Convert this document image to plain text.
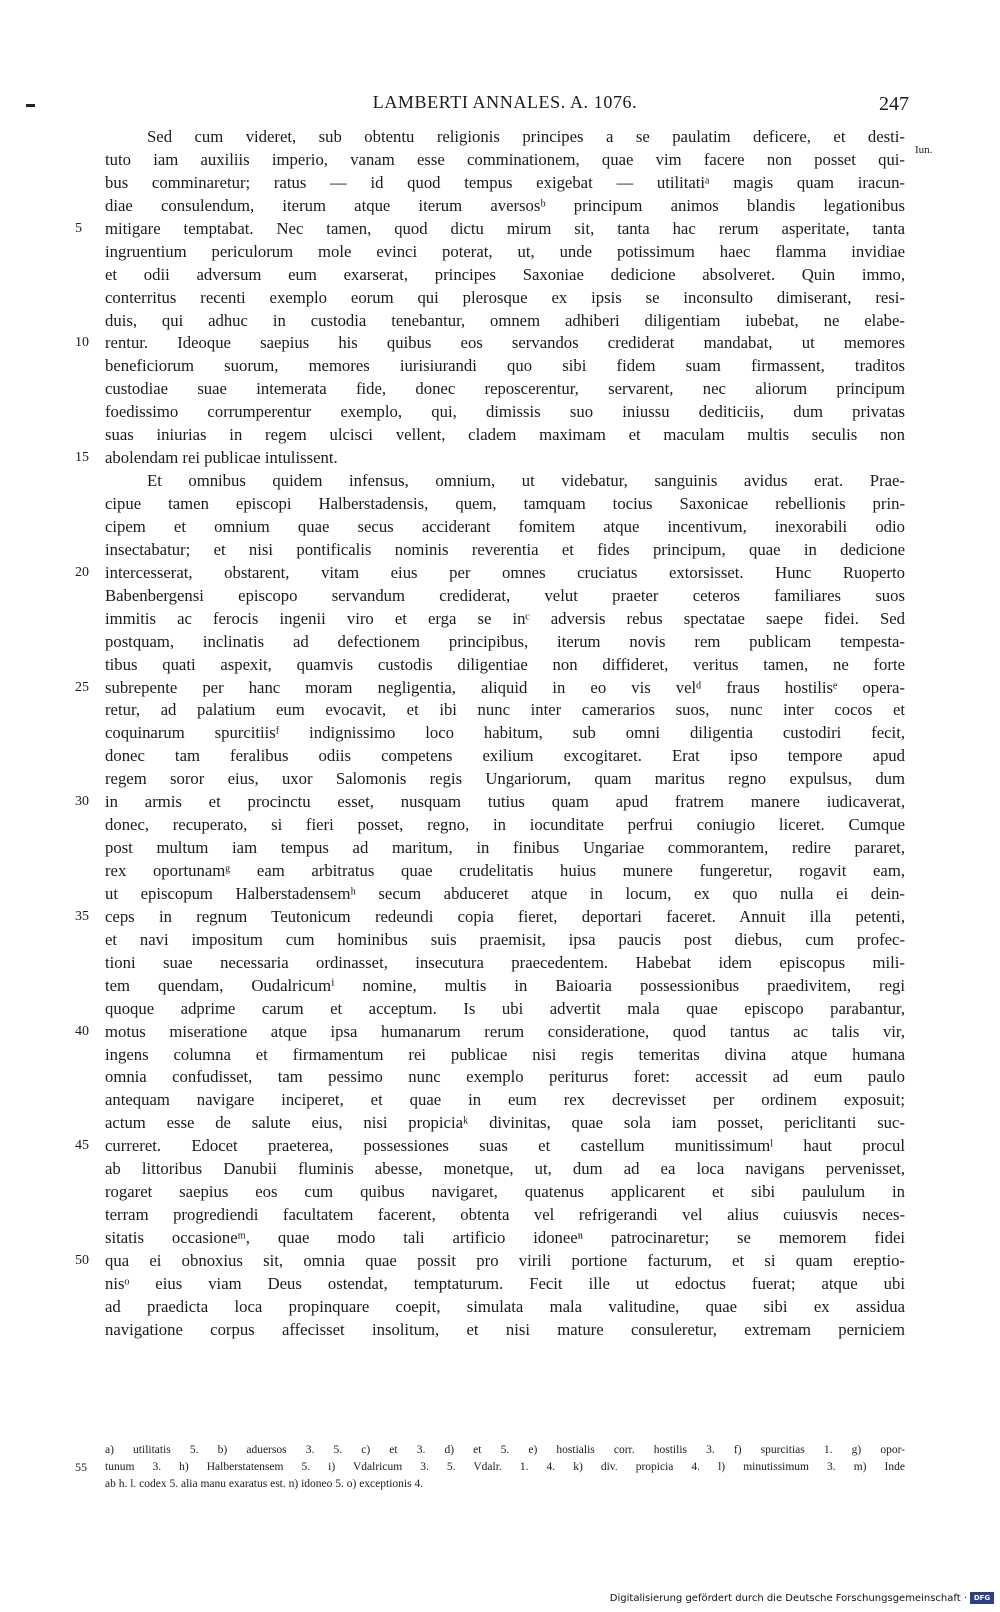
LAMBERTI ANNALES. A. 1076.	247
Iun.
Sed cum videret, sub obtentu religionis principes a se paulatim deficere, et desti-
tuto iam auxiliis imperio, vanam esse comminationem, quae vim facere non posset qui-
bus comminaretur; ratus — id quod tempus exigebat — utilitatiᵃ magis quam iracun-
diae consulendum, iterum atque iterum aversosᵇ principum animos blandis legationibus
mitigare temptabat. Nec tamen, quod dictu mirum sit, tanta hac rerum asperitate, tanta
5
ingruentium periculorum mole evinci poterat, ut, unde potissimum haec flamma invidiae
et odii adversum eum exarserat, principes Saxoniae dedicione absolveret. Quin immo,
conterritus recenti exemplo eorum qui plerosque ex ipsis se inconsulto dimiserant, resi-
duis, qui adhuc in custodia tenebantur, omnem adhiberi diligentiam iubebat, ne elabe-
rentur. Ideoque saepius his quibus eos servandos crediderat mandabat, ut memores
10
beneficiorum suorum, memores iurisiurandi quo sibi fidem suam firmassent, traditos
custodiae suae intemerata fide, donec reposcerentur, servarent, nec aliorum principum
foedissimo corrumperentur exemplo, qui, dimissis suo iniussu dediticiis, dum privatas
suas iniurias in regem ulcisci vellent, cladem maximam et maculam multis seculis non
abolendam rei publicae intulissent.
15
Et omnibus quidem infensus, omnium, ut videbatur, sanguinis avidus erat. Prae-
cipue tamen episcopi Halberstadensis, quem, tamquam tocius Saxonicae rebellionis prin-
cipem et omnium quae secus acciderant fomitem atque incentivum, inexorabili odio
insectabatur; et nisi pontificalis nominis reverentia et fides principum, quae in dedicione
intercesserat, obstarent, vitam eius per omnes cruciatus extorsisset. Hunc Ruoperto
20
Babenbergensi episcopo servandum crediderat, velut praeter ceteros familiares suos
immitis ac ferocis ingenii viro et erga se inᶜ adversis rebus spectatae saepe fidei. Sed
postquam, inclinatis ad defectionem principibus, iterum novis rem publicam tempesta-
tibus quati aspexit, quamvis custodis diligentiae non diffideret, veritus tamen, ne forte
subrepente per hanc moram negligentia, aliquid in eo vis velᵈ fraus hostilisᵉ opera-
25
retur, ad palatium eum evocavit, et ibi nunc inter camerarios suos, nunc inter cocos et
coquinarum spurcitiisᶠ indignissimo loco habitum, sub omni diligentia custodiri fecit,
donec tam feralibus odiis competens exilium excogitaret. Erat ipso tempore apud
regem soror eius, uxor Salomonis regis Ungariorum, quam maritus regno expulsus, dum
in armis et procinctu esset, nusquam tutius quam apud fratrem manere iudicaverat,
30
donec, recuperato, si fieri posset, regno, in iocunditate perfrui coniugio liceret. Cumque
post multum iam tempus ad maritum, in finibus Ungariae commorantem, redire pararet,
rex oportunamᵍ eam arbitratus quae crudelitatis huius munere fungeretur, rogavit eam,
ut episcopum Halberstadensemʰ secum abduceret atque in locum, ex quo nulla ei dein-
ceps in regnum Teutonicum redeundi copia fieret, deportari faceret. Annuit illa petenti,
35
et navi impositum cum hominibus suis praemisit, ipsa paucis post diebus, cum profec-
tioni suae necessaria ordinasset, insecutura praecedentem. Habebat idem episcopus mili-
tem quendam, Oudalricumⁱ nomine, multis in Baioaria possessionibus praedivitem, regi
quoque adprime carum et acceptum. Is ubi advertit mala quae episcopo parabantur,
motus miseratione atque ipsa humanarum rerum consideratione, quod tantus ac talis vir,
40
ingens columna et firmamentum rei publicae nisi regis temeritas divina atque humana
omnia confudisset, tam pessimo nunc exemplo periturus foret: accessit ad eum paulo
antequam navigare inciperet, et quae in eum rex decrevisset per ordinem exposuit;
actum esse de salute eius, nisi propiciaᵏ divinitas, quae sola iam posset, periclitanti suc-
curreret. Edocet praeterea, possessiones suas et castellum munitissimumˡ haut procul
45
ab littoribus Danubii fluminis abesse, monetque, ut, dum ad ea loca navigans pervenisset,
rogaret saepius eos cum quibus navigaret, quatenus applicarent et sibi paululum in
terram progrediendi facultatem facerent, obtenta vel refrigerandi vel alius cuiusvis neces-
sitatis occasioneᵐ, quae modo tali artificio idoneeⁿ patrocinaretur; se memorem fidei
qua ei obnoxius sit, omnia quae possit pro virili portione facturum, et si quam ereptio-
50
nisᵒ eius viam Deus ostendat, temptaturum. Fecit ille ut edoctus fuerat; atque ubi
ad praedicta loca propinquare coepit, simulata mala valitudine, quae sibi ex assidua
navigatione corpus affecisset insolitum, et nisi mature consuleretur, extremam perniciem
a) utilitatis 5. b) aduersos 3. 5. c) et 3. d) et 5. e) hostialis corr. hostilis 3. f) spurcitias 1. g) opor-
tunum 3. h) Halberstatensem 5. i) Vdalricum 3. 5. Vdalr. 1. 4. k) div. propicia 4. l) minutissimum 3. m) Inde
55
ab h. l. codex 5. alia manu exaratus est. n) idoneo 5. o) exceptionis 4.
Digitalisierung gefördert durch die Deutsche Forschungsgemeinschaft · DFG
